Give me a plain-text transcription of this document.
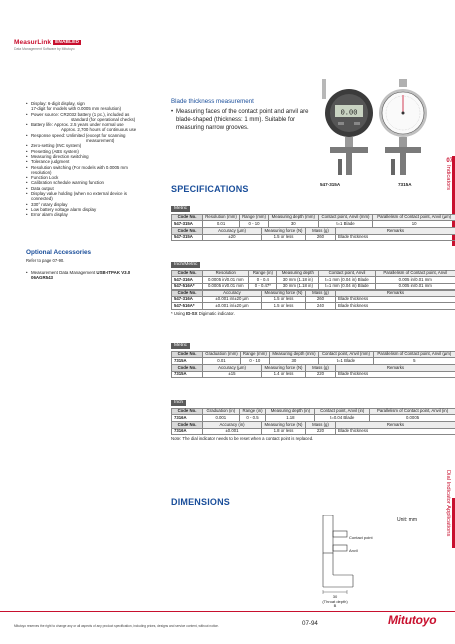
MeasurLink ENABLED
Data Management Software by Mitutoyo
• Display: 6-digit display, sign
17-digit for models with 0.0005 mm resolution)
• Power source: CR2032 battery (1 pc.), included as
standard (for operational checks)
• Battery life: Approx. 2.5 years under normal use
Approx. 2,700 hours of continuous use
• Response speed: Unlimited (except for scanning
measurement)
• Zero-setting (INC system)
• Presetting (ABS system)
• Measuring direction switching
• Tolerance judgment
• Resolution switching (For models with 0.0005 mm
resolution)
• Function Lock
• Calibration schedule warning function
• Data output
• Display value holding (when no external device is
connected)
• 330° rotary display
• Low battery voltage alarm display
• Error alarm display
Optional Accessories
Refer to page 07-90.
• Measurement Data Management USB-ITPAK V3.0 06AGR543
Blade thickness measurement
• Measuring faces of the contact point and anvil are blade-shaped (thickness: 1 mm). Suitable for measuring narrow grooves.
0.00
547-315A	7315A
07
Indicators
Dial Indicator Applications
SPECIFICATIONS
Metric
Code No.	Resolution (mm)	Range (mm)	Measuring depth (mm)	Contact point, Anvil (mm)	Parallelism of Contact point, Anvil (µm)
547-315A	0.01	0 - 10	30	t=1 Blade	10
Code No.	Accuracy (µm)	Measuring force (N)	Mass (g)	Remarks
547-315A	±20	1.5 or less	260	Blade thickness
Inch/Metric
Code No.	Resolution	Range (in)	Measuring depth	Contact point, Anvil	Parallelism of Contact point, Anvil
547-316A	0.0005 in/0.01 mm	0 - 0.4	30 mm (1.18 in)	t=1 mm (0.04 in) Blade	0.005 in/0.01 mm
547-516A*	0.0005 in/0.01 mm	0 - 0.47*	30 mm (1.18 in)	t=1 mm (0.04 in) Blade	0.005 in/0.01 mm
Code No.	Accuracy	Measuring force (N)	Mass (g)	Remarks
547-316A	±0.001 in/±20 µm	1.5 or less	260	Blade thickness
547-516A*	±0.001 in/±20 µm	1.5 or less	240	Blade thickness
* Using ID-SX Digimatic indicator.
Metric
Code No.	Graduation (mm)	Range (mm)	Measuring depth (mm)	Contact point, Anvil (mm)	Parallelism of Contact point, Anvil (µm)
7315A	0.01	0 - 10	30	t=1 Blade	5
Code No.	Accuracy (µm)	Measuring force (N)	Mass (g)	Remarks
7315A	±15	1.4 or less	220	Blade thickness
Inch
Code No.	Graduation (in)	Range (in)	Measuring depth (in)	Contact point, Anvil (in)	Parallelism of Contact point, Anvil (in)
7316A	0.001	0 - 0.5	1.18	t=0.04 Blade	0.0005
Code No.	Accuracy (in)	Measuring force (N)	Mass (g)	Remarks
7316A	±0.001	1.8 or less	220	Blade thickness
Note: The dial indicator needs to be reset when a contact point is replaced.
DIMENSIONS
Unit: mm
Contact point
Anvil
30
(Throat depth)
B
Mitutoyo reserves the right to change any or all aspects of any product specification, including prices, designs and service content, without notice.	07-94	Mitutoyo
